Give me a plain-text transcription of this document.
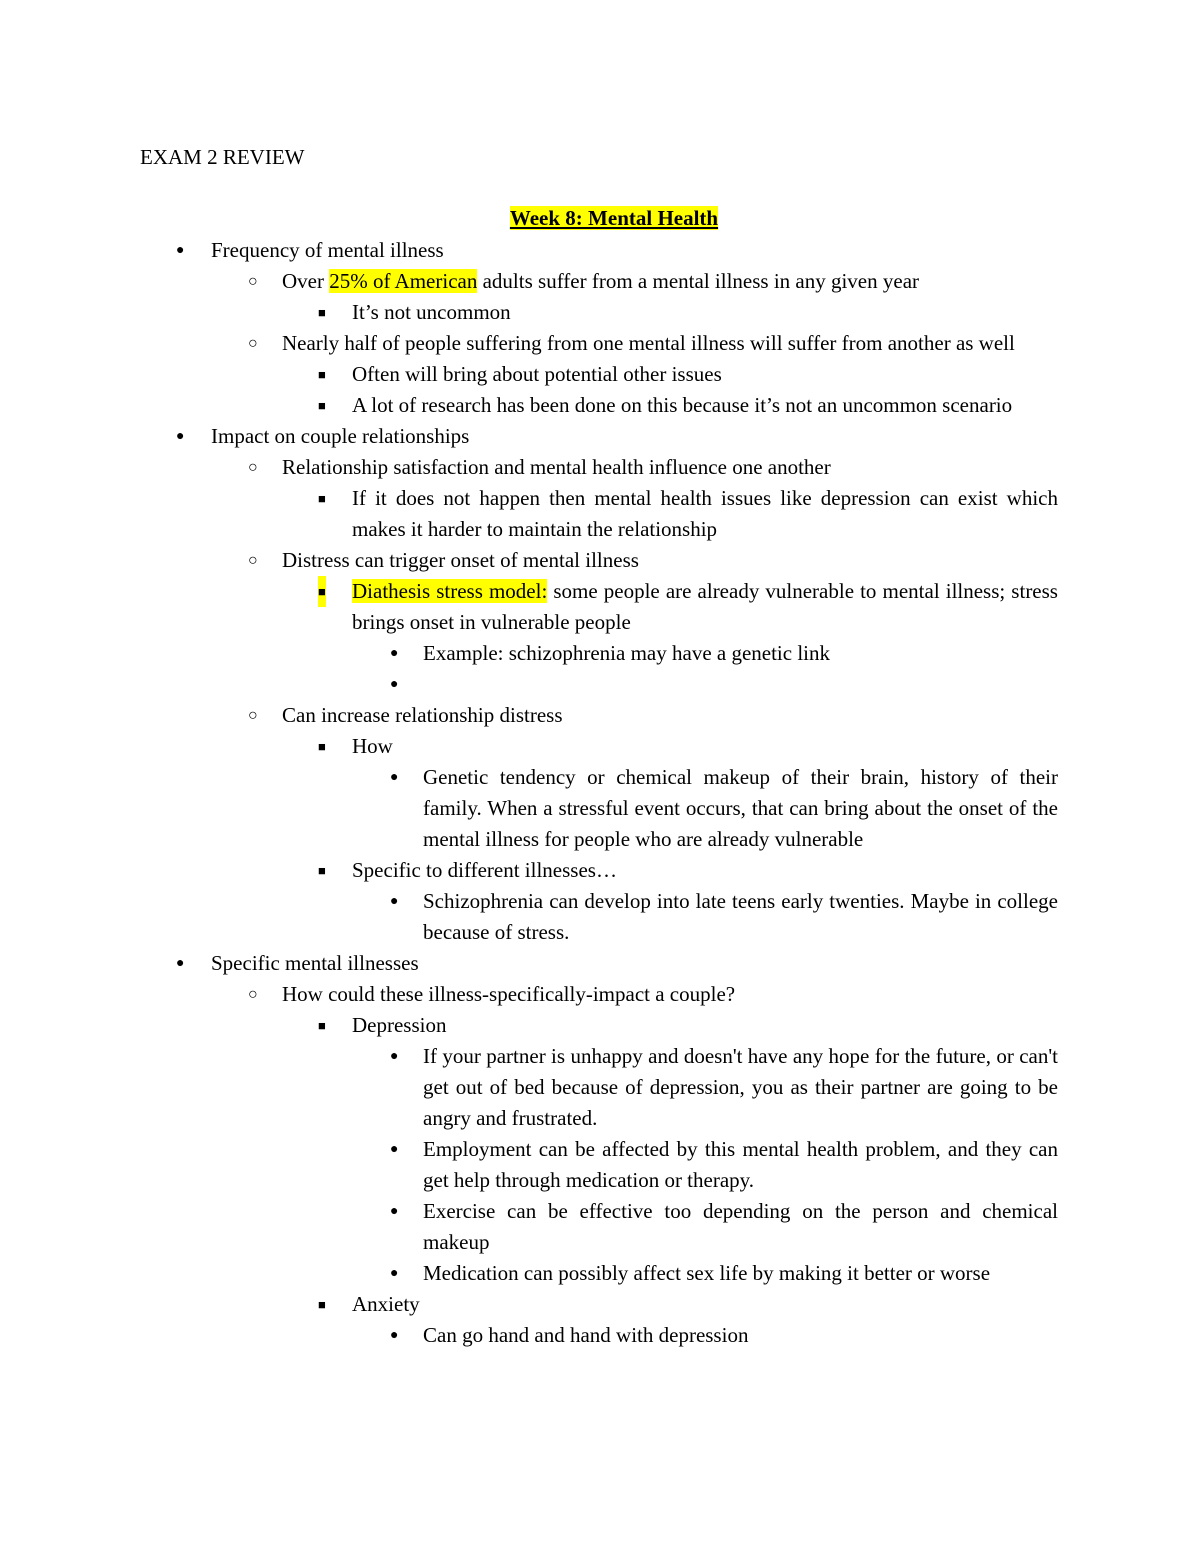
EXAM 2 REVIEW
Week 8: Mental Health
● Frequency of mental illness
○ Over 25% of American adults suffer from a mental illness in any given year
■ It’s not uncommon
○ Nearly half of people suffering from one mental illness will suffer from another as well
■ Often will bring about potential other issues
■ A lot of research has been done on this because it’s not an uncommon scenario
● Impact on couple relationships
○ Relationship satisfaction and mental health influence one another
■ If it does not happen then mental health issues like depression can exist which makes it harder to maintain the relationship
○ Distress can trigger onset of mental illness
■ Diathesis stress model: some people are already vulnerable to mental illness; stress brings onset in vulnerable people
● Example: schizophrenia may have a genetic link
●
○ Can increase relationship distress
■ How
● Genetic tendency or chemical makeup of their brain, history of their family. When a stressful event occurs, that can bring about the onset of the mental illness for people who are already vulnerable
■ Specific to different illnesses…
● Schizophrenia can develop into late teens early twenties. Maybe in college because of stress.
● Specific mental illnesses
○ How could these illness-specifically-impact a couple?
■ Depression
● If your partner is unhappy and doesn't have any hope for the future, or can't get out of bed because of depression, you as their partner are going to be angry and frustrated.
● Employment can be affected by this mental health problem, and they can get help through medication or therapy.
● Exercise can be effective too depending on the person and chemical makeup
● Medication can possibly affect sex life by making it better or worse
■ Anxiety
● Can go hand and hand with depression
